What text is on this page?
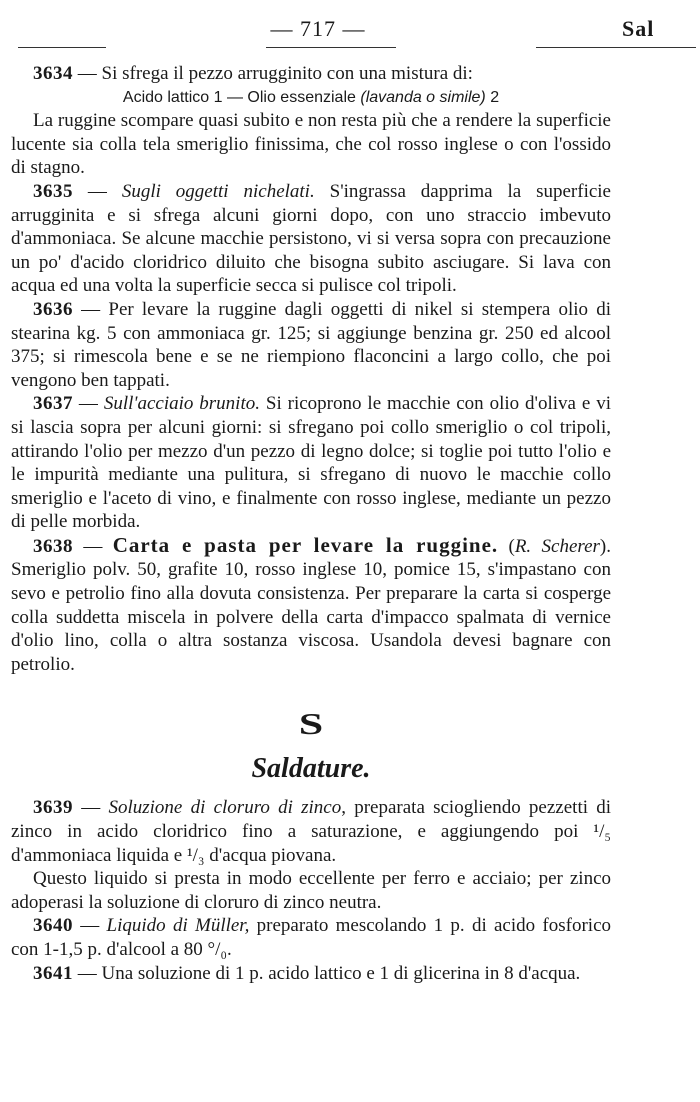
— 717 —	Sal

3634 — Si sfrega il pezzo arrugginito con una mistura di:

Acido lattico 1 — Olio essenziale (lavanda o simile) 2

La ruggine scompare quasi subito e non resta più che a rendere la superficie lucente sia colla tela smeriglio finissima, che col rosso inglese o con l'ossido di stagno.

3635 — Sugli oggetti nichelati. S'ingrassa dapprima la superficie arrugginita e si sfrega alcuni giorni dopo, con uno straccio imbevuto d'ammoniaca. Se alcune macchie persistono, vi si versa sopra con precauzione un po' d'acido cloridrico diluito che bisogna subito asciugare. Si lava con acqua ed una volta la superficie secca si pulisce col tripoli.

3636 — Per levare la ruggine dagli oggetti di nikel si stempera olio di stearina kg. 5 con ammoniaca gr. 125; si aggiunge benzina gr. 250 ed alcool 375; si rimescola bene e se ne riempiono flaconcini a largo collo, che poi vengono ben tappati.

3637 — Sull'acciaio brunito. Si ricoprono le macchie con olio d'oliva e vi si lascia sopra per alcuni giorni: si sfregano poi collo smeriglio o col tripoli, attirando l'olio per mezzo d'un pezzo di legno dolce; si toglie poi tutto l'olio e le impurità mediante una pulitura, si sfregano di nuovo le macchie collo smeriglio e l'aceto di vino, e finalmente con rosso inglese, mediante un pezzo di pelle morbida.

3638 — Carta e pasta per levare la ruggine. (R. Scherer). Smeriglio polv. 50, grafite 10, rosso inglese 10, pomice 15, s'impastano con sevo e petrolio fino alla dovuta consistenza. Per preparare la carta si cosperge colla suddetta miscela in polvere della carta d'impacco spalmata di vernice d'olio lino, colla o altra sostanza viscosa. Usandola devesi bagnare con petrolio.

S
Saldature.

3639 — Soluzione di cloruro di zinco, preparata sciogliendo pezzetti di zinco in acido cloridrico fino a saturazione, e aggiungendo poi ¹/₅ d'ammoniaca liquida e ¹/₃ d'acqua piovana.

Questo liquido si presta in modo eccellente per ferro e acciaio; per zinco adoperasi la soluzione di cloruro di zinco neutra.

3640 — Liquido di Müller, preparato mescolando 1 p. di acido fosforico con 1-1,5 p. d'alcool a 80 °/₀.

3641 — Una soluzione di 1 p. acido lattico e 1 di glicerina in 8 d'acqua.
